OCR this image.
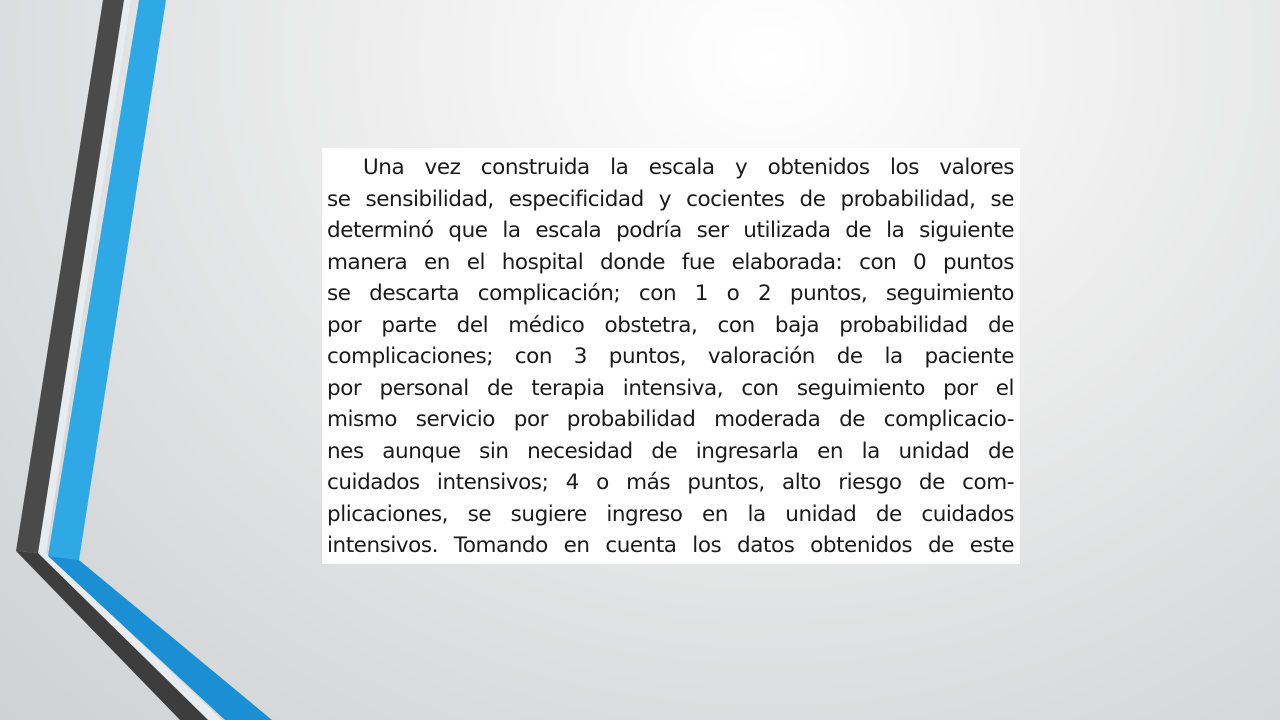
Una vez construida la escala y obtenidos los valores
se sensibilidad, especificidad y cocientes de probabilidad, se
determinó que la escala podría ser utilizada de la siguiente
manera en el hospital donde fue elaborada: con 0 puntos
se descarta complicación; con 1 o 2 puntos, seguimiento
por parte del médico obstetra, con baja probabilidad de
complicaciones; con 3 puntos, valoración de la paciente
por personal de terapia intensiva, con seguimiento por el
mismo servicio por probabilidad moderada de complicacio-
nes aunque sin necesidad de ingresarla en la unidad de
cuidados intensivos; 4 o más puntos, alto riesgo de com-
plicaciones, se sugiere ingreso en la unidad de cuidados
intensivos. Tomando en cuenta los datos obtenidos de este
